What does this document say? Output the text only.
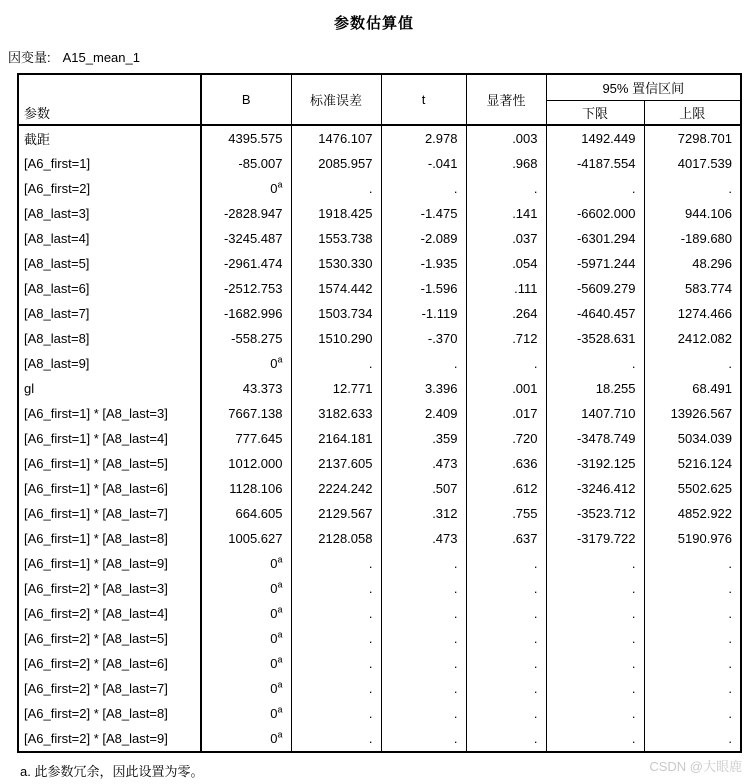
参数估算值
因变量: A15_mean_1
参数	B	标准误差	t	显著性	95% 置信区间	
					下限	上限
截距	4395.575	1476.107	2.978	.003	1492.449	7298.701
[A6_first=1]	-85.007	2085.957	-.041	.968	-4187.554	4017.539
[A6_first=2]	0$^a$	.	.	.	.	.
[A8_last=3]	-2828.947	1918.425	-1.475	.141	-6602.000	944.106
[A8_last=4]	-3245.487	1553.738	-2.089	.037	-6301.294	-189.680
[A8_last=5]	-2961.474	1530.330	-1.935	.054	-5971.244	48.296
[A8_last=6]	-2512.753	1574.442	-1.596	.111	-5609.279	583.774
[A8_last=7]	-1682.996	1503.734	-1.119	.264	-4640.457	1274.466
[A8_last=8]	-558.275	1510.290	-.370	.712	-3528.631	2412.082
[A8_last=9]	0$^a$	.	.	.	.	.
gl	43.373	12.771	3.396	.001	18.255	68.491
[A6_first=1] * [A8_last=3]	7667.138	3182.633	2.409	.017	1407.710	13926.567
[A6_first=1] * [A8_last=4]	777.645	2164.181	.359	.720	-3478.749	5034.039
[A6_first=1] * [A8_last=5]	1012.000	2137.605	.473	.636	-3192.125	5216.124
[A6_first=1] * [A8_last=6]	1128.106	2224.242	.507	.612	-3246.412	5502.625
[A6_first=1] * [A8_last=7]	664.605	2129.567	.312	.755	-3523.712	4852.922
[A6_first=1] * [A8_last=8]	1005.627	2128.058	.473	.637	-3179.722	5190.976
[A6_first=1] * [A8_last=9]	0$^a$	.	.	.	.	.
[A6_first=2] * [A8_last=3]	0$^a$	.	.	.	.	.
[A6_first=2] * [A8_last=4]	0$^a$	.	.	.	.	.
[A6_first=2] * [A8_last=5]	0$^a$	.	.	.	.	.
[A6_first=2] * [A8_last=6]	0$^a$	.	.	.	.	.
[A6_first=2] * [A8_last=7]	0$^a$	.	.	.	.	.
[A6_first=2] * [A8_last=8]	0$^a$	.	.	.	.	.
[A6_first=2] * [A8_last=9]	0$^a$	.	.	.	.	.
a. 此参数冗余，因此设置为零。	CSDN @大眼鹿
